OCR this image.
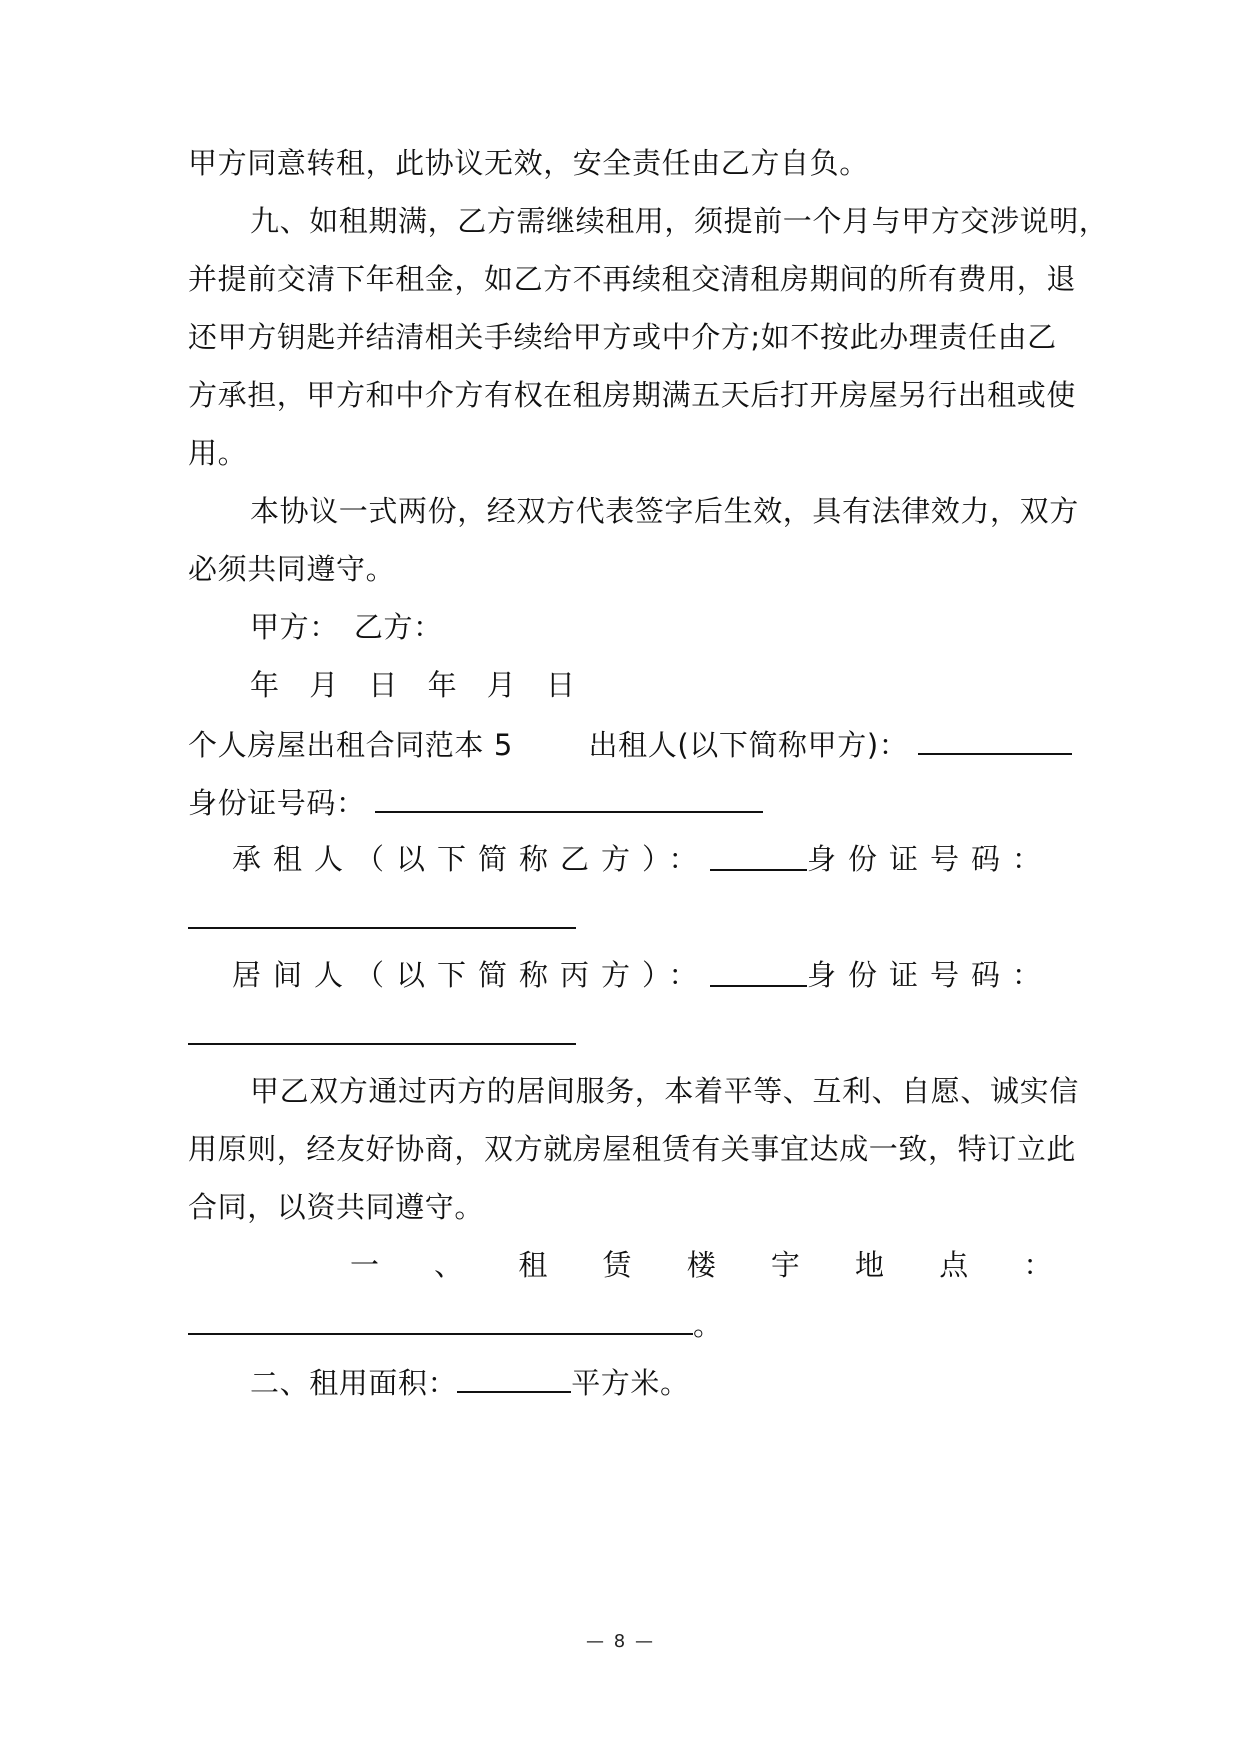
甲方同意转租，此协议无效，安全责任由乙方自负。
九、如租期满，乙方需继续租用，须提前一个月与甲方交涉说明，
并提前交清下年租金，如乙方不再续租交清租房期间的所有费用，退
还甲方钥匙并结清相关手续给甲方或中介方;如不按此办理责任由乙
方承担，甲方和中介方有权在租房期满五天后打开房屋另行出租或使
用。
本协议一式两份，经双方代表签字后生效，具有法律效力，双方
必须共同遵守。
甲方：　乙方：
年　月　日　年　月　日
个人房屋出租合同范本 5	出租人(以下简称甲方)：
身份证号码：
承租人（以下简称乙方）：	身份证号码：
居间人（以下简称丙方）：	身份证号码：
甲乙双方通过丙方的居间服务，本着平等、互利、自愿、诚实信
用原则，经友好协商，双方就房屋租赁有关事宜达成一致，特订立此
合同，以资共同遵守。
一 、 租 赁 楼 宇 地 点 ：
。
二、租用面积：	平方米。
— 8 —
